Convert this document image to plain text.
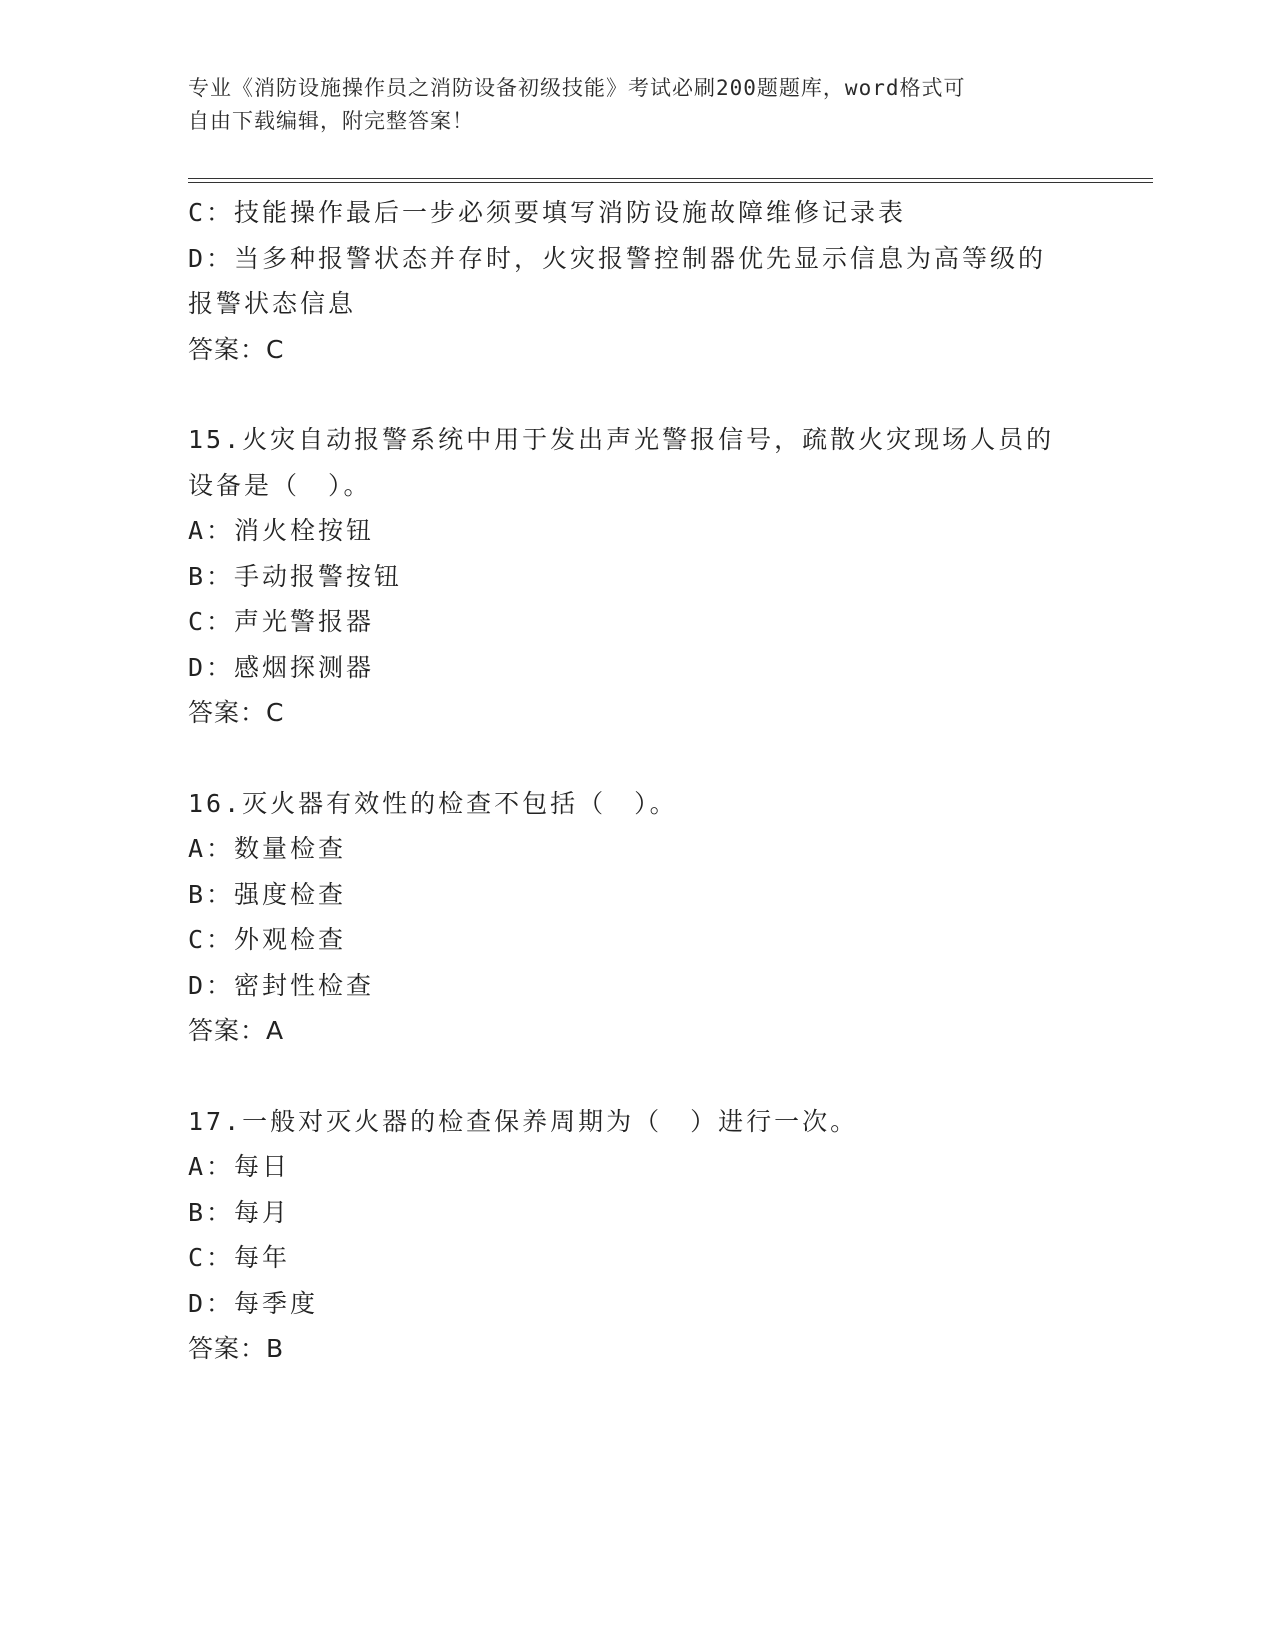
专业《消防设施操作员之消防设备初级技能》考试必刷200题题库，word格式可
自由下载编辑，附完整答案！
C：技能操作最后一步必须要填写消防设施故障维修记录表
D：当多种报警状态并存时，火灾报警控制器优先显示信息为高等级的
报警状态信息
答案：C
15.火灾自动报警系统中用于发出声光警报信号，疏散火灾现场人员的
设备是（　）。
A：消火栓按钮
B：手动报警按钮
C：声光警报器
D：感烟探测器
答案：C
16.灭火器有效性的检查不包括（　）。
A：数量检查
B：强度检查
C：外观检查
D：密封性检查
答案：A
17.一般对灭火器的检查保养周期为（　）进行一次。
A：每日
B：每月
C：每年
D：每季度
答案：B
